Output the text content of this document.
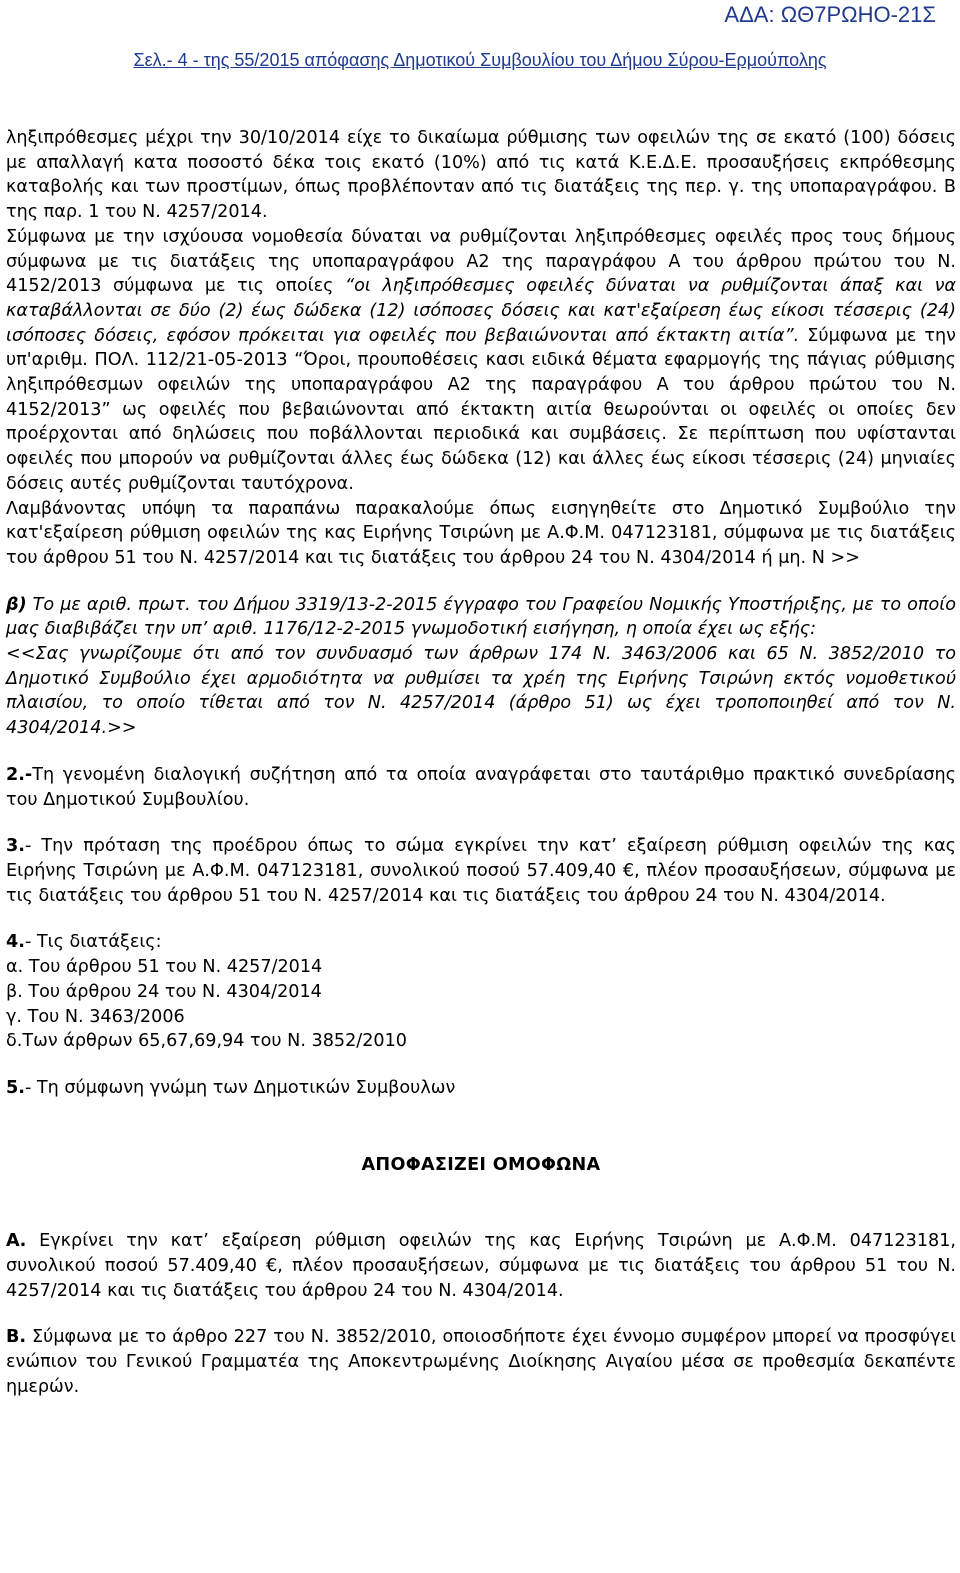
ΑΔΑ: ΩΘ7ΡΩΗΟ-21Σ
Σελ.- 4 - της 55/2015 απόφασης Δημοτικού Συμβουλίου του Δήμου Σύρου-Ερμούπολης

ληξιπρόθεσμες μέχρι την 30/10/2014 είχε το δικαίωμα ρύθμισης των οφειλών της σε εκατό (100) δόσεις με απαλλαγή κατα ποσοστό δέκα τοις εκατό (10%) από τις κατά Κ.Ε.Δ.Ε. προσαυξήσεις εκπρόθεσμης καταβολής και των προστίμων, όπως προβλέπονταν από τις διατάξεις της περ. γ. της υποπαραγράφου. Β της παρ. 1 του Ν. 4257/2014.

Σύμφωνα με την ισχύουσα νομοθεσία δύναται να ρυθμίζονται ληξιπρόθεσμες οφειλές προς τους δήμους σύμφωνα με τις διατάξεις της υποπαραγράφου Α2 της παραγράφου Α του άρθρου πρώτου του Ν. 4152/2013 σύμφωνα με τις οποίες “οι ληξιπρόθεσμες οφειλές δύναται να ρυθμίζονται άπαξ και να καταβάλλονται σε δύο (2) έως δώδεκα (12) ισόποσες δόσεις και κατ'εξαίρεση έως είκοσι τέσσερις (24) ισόποσες δόσεις, εφόσον πρόκειται για οφειλές που βεβαιώνονται από έκτακτη αιτία”. Σύμφωνα με την υπ'αριθμ. ΠΟΛ. 112/21-05-2013 “Όροι, προυποθέσεις κασι ειδικά θέματα εφαρμογής της πάγιας ρύθμισης ληξιπρόθεσμων οφειλών της υποπαραγράφου Α2 της παραγράφου Α του άρθρου πρώτου του Ν. 4152/2013” ως οφειλές που βεβαιώνονται από έκτακτη αιτία θεωρούνται οι οφειλές οι οποίες δεν προέρχονται από δηλώσεις που ποβάλλονται περιοδικά και συμβάσεις. Σε περίπτωση που υφίστανται οφειλές που μπορούν να ρυθμίζονται άλλες έως δώδεκα (12) και άλλες έως είκοσι τέσσερις (24) μηνιαίες δόσεις αυτές ρυθμίζονται ταυτόχρονα.

Λαμβάνοντας υπόψη τα παραπάνω παρακαλούμε όπως εισηγηθείτε στο Δημοτικό Συμβούλιο την κατ'εξαίρεση ρύθμιση οφειλών της κας Ειρήνης Τσιρώνη με Α.Φ.Μ. 047123181, σύμφωνα με τις διατάξεις του άρθρου 51 του Ν. 4257/2014 και τις διατάξεις του άρθρου 24 του Ν. 4304/2014 ή μη. Ν >>

β) Το με αριθ. πρωτ. του Δήμου 3319/13-2-2015 έγγραφο του Γραφείου Νομικής Υποστήριξης, με το οποίο μας διαβιβάζει την υπ’ αριθ. 1176/12-2-2015 γνωμοδοτική εισήγηση, η οποία έχει ως εξής:

<<Σας γνωρίζουμε ότι από τον συνδυασμό των άρθρων 174 Ν. 3463/2006 και 65 Ν. 3852/2010 το Δημοτικό Συμβούλιο έχει αρμοδιότητα να ρυθμίσει τα χρέη της Ειρήνης Τσιρώνη εκτός νομοθετικού πλαισίου, το οποίο τίθεται από τον Ν. 4257/2014 (άρθρο 51) ως έχει τροποποιηθεί από τον Ν. 4304/2014.>>

2.-Τη γενομένη διαλογική συζήτηση από τα οποία αναγράφεται στο ταυτάριθμο πρακτικό συνεδρίασης του Δημοτικού Συμβουλίου.

3.- Την πρόταση της προέδρου όπως το σώμα εγκρίνει την κατ’ εξαίρεση ρύθμιση οφειλών της κας Ειρήνης Τσιρώνη με Α.Φ.Μ. 047123181, συνολικού ποσού 57.409,40 €, πλέον προσαυξήσεων, σύμφωνα με τις διατάξεις του άρθρου 51 του Ν. 4257/2014 και τις διατάξεις του άρθρου 24 του Ν. 4304/2014.

4.- Τις διατάξεις:

α. Του άρθρου 51 του Ν. 4257/2014

β. Του άρθρου 24 του Ν. 4304/2014

γ. Του Ν. 3463/2006

δ.Των άρθρων 65,67,69,94 του Ν. 3852/2010

5.- Τη σύμφωνη γνώμη των Δημοτικών Συμβουλων

ΑΠΟΦΑΣΙΖΕΙ ΟΜΟΦΩΝΑ

Α. Εγκρίνει την κατ’ εξαίρεση ρύθμιση οφειλών της κας Ειρήνης Τσιρώνη με Α.Φ.Μ. 047123181, συνολικού ποσού 57.409,40 €, πλέον προσαυξήσεων, σύμφωνα με τις διατάξεις του άρθρου 51 του Ν. 4257/2014 και τις διατάξεις του άρθρου 24 του Ν. 4304/2014.

Β. Σύμφωνα με το άρθρο 227 του Ν. 3852/2010, οποιοσδήποτε έχει έννομο συμφέρον μπορεί να προσφύγει ενώπιον του Γενικού Γραμματέα της Αποκεντρωμένης Διοίκησης Αιγαίου μέσα σε προθεσμία δεκαπέντε ημερών.
